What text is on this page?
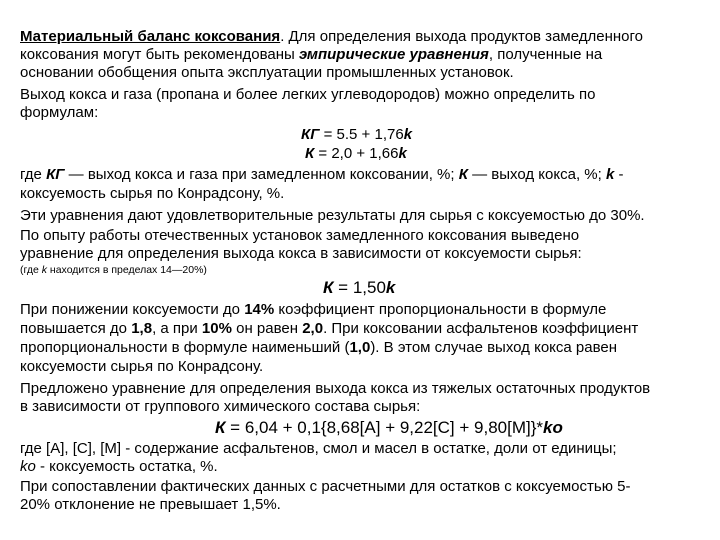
Материальный баланс коксования. Для определения выхода продуктов замедленного
коксования могут быть рекомендованы эмпирические уравнения, полученные на
основании обобщения опыта эксплуатации промышленных установок.
Выход кокса и газа (пропана и более легких углеводородов) можно определить по
формулам:
КГ = 5.5 + 1,76k
К = 2,0 + 1,66k
где КГ — выход кокса и газа при замедленном коксовании, %; К — выход кокса, %; k -
коксуемость сырья по Конрадсону, %.
Эти уравнения дают удовлетворительные результаты для сырья с коксуемостью до 30%.
По опыту работы отечественных установок замедленного коксования выведено
уравнение для определения выхода кокса в зависимости от коксуемости сырья:
(где k находится в пределах 14—20%)
К = 1,50k
При понижении коксуемости до 14% коэффициент пропорциональности в формуле
повышается до 1,8, а при 10% он равен 2,0. При коксовании асфальтенов коэффициент
пропорциональности в формуле наименьший (1,0). В этом случае выход кокса равен
коксуемости сырья по Конрадсону.
Предложено уравнение для определения выхода кокса из тяжелых остаточных продуктов
в зависимости от группового химического состава сырья:
К = 6,04 + 0,1{8,68[A] + 9,22[C] + 9,80[M]}*ko
где [А], [С], [М] - содержание асфальтенов, смол и масел в остатке, доли от единицы;
ko - коксуемость остатка, %.
При сопоставлении фактических данных с расчетными для остатков с коксуемостью 5-
20% отклонение не превышает 1,5%.
